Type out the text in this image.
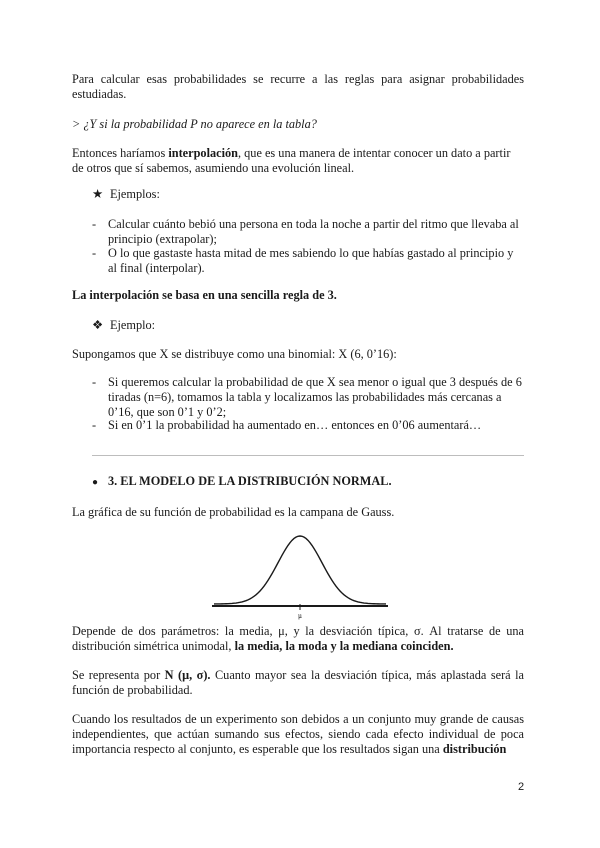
Para calcular esas probabilidades se recurre a las reglas para asignar probabilidades estudiadas.

> ¿Y si la probabilidad P no aparece en la tabla?

Entonces haríamos interpolación, que es una manera de intentar conocer un dato a partir de otros que sí sabemos, asumiendo una evolución lineal.

★ Ejemplos:
- Calcular cuánto bebió una persona en toda la noche a partir del ritmo que llevaba al principio (extrapolar);
- O lo que gastaste hasta mitad de mes sabiendo lo que habías gastado al principio y al final (interpolar).

La interpolación se basa en una sencilla regla de 3.

❖ Ejemplo:

Supongamos que X se distribuye como una binomial: X (6, 0’16):

- Si queremos calcular la probabilidad de que X sea menor o igual que 3 después de 6 tiradas (n=6), tomamos la tabla y localizamos las probabilidades más cercanas a 0’16, que son 0’1 y 0’2;
- Si en 0’1 la probabilidad ha aumentado en… entonces en 0’06 aumentará…
● 3. EL MODELO DE LA DISTRIBUCIÓN NORMAL.

La gráfica de su función de probabilidad es la campana de Gauss.

μ

Depende de dos parámetros: la media, μ, y la desviación típica, σ. Al tratarse de una distribución simétrica unimodal, la media, la moda y la mediana coinciden.

Se representa por N (μ, σ). Cuanto mayor sea la desviación típica, más aplastada será la función de probabilidad.

Cuando los resultados de un experimento son debidos a un conjunto muy grande de causas independientes, que actúan sumando sus efectos, siendo cada efecto individual de poca importancia respecto al conjunto, es esperable que los resultados sigan una distribución

2
